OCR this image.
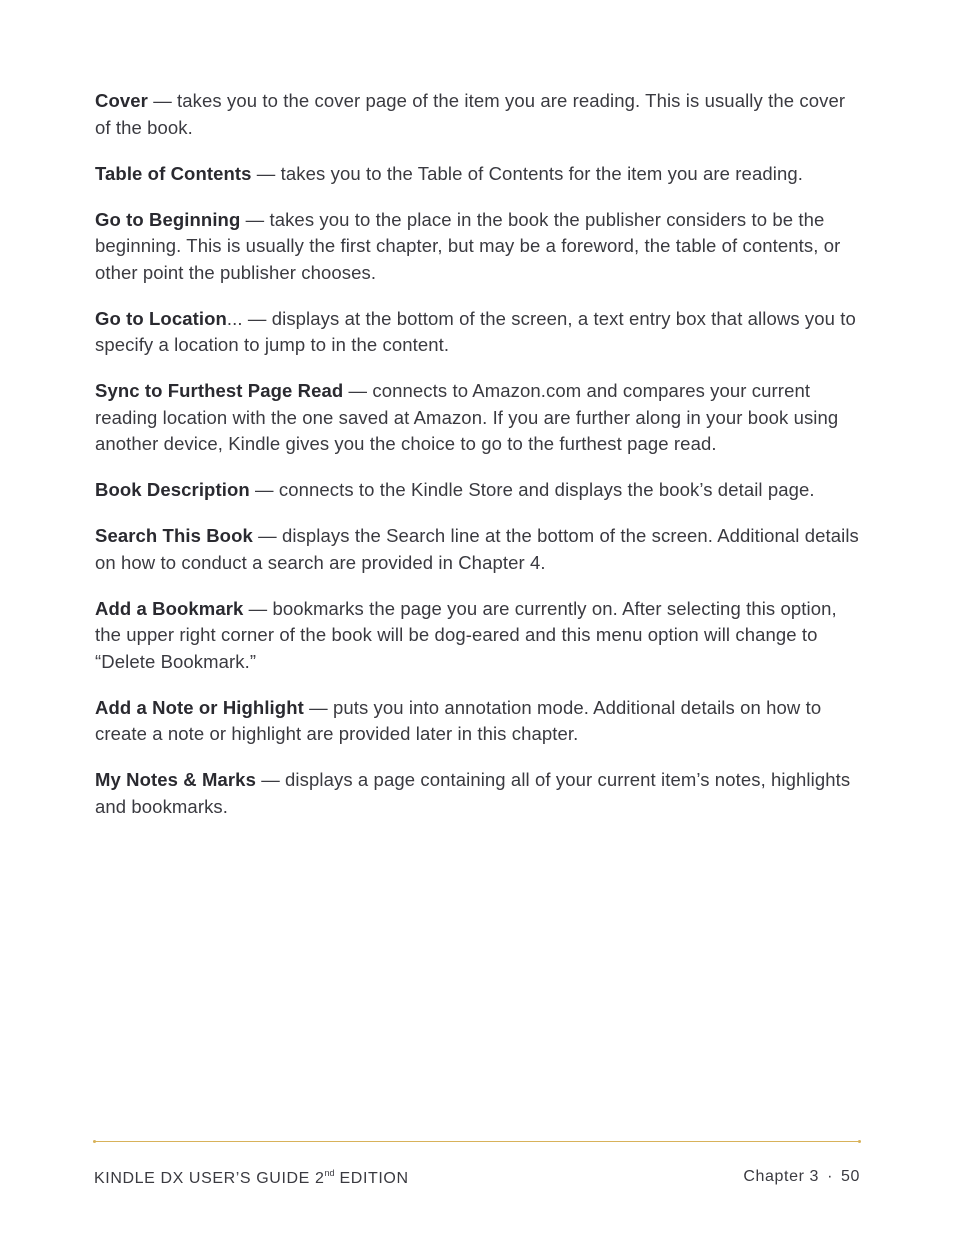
Cover — takes you to the cover page of the item you are reading. This is usually the cover of the book.

Table of Contents — takes you to the Table of Contents for the item you are reading.

Go to Beginning — takes you to the place in the book the publisher considers to be the beginning. This is usually the first chapter, but may be a foreword, the table of contents, or other point the publisher chooses.

Go to Location... — displays at the bottom of the screen, a text entry box that allows you to specify a location to jump to in the content.

Sync to Furthest Page Read — connects to Amazon.com and compares your current reading location with the one saved at Amazon. If you are further along in your book using another device, Kindle gives you the choice to go to the furthest page read.

Book Description — connects to the Kindle Store and displays the book’s detail page.

Search This Book — displays the Search line at the bottom of the screen. Additional details on how to conduct a search are provided in Chapter 4.

Add a Bookmark — bookmarks the page you are currently on. After selecting this option, the upper right corner of the book will be dog-eared and this menu option will change to “Delete Bookmark.”

Add a Note or Highlight — puts you into annotation mode. Additional details on how to create a note or highlight are provided later in this chapter.

My Notes & Marks — displays a page containing all of your current item’s notes, highlights and bookmarks.

KINDLE DX USER’S GUIDE 2nd EDITION	Chapter 3 · 50
